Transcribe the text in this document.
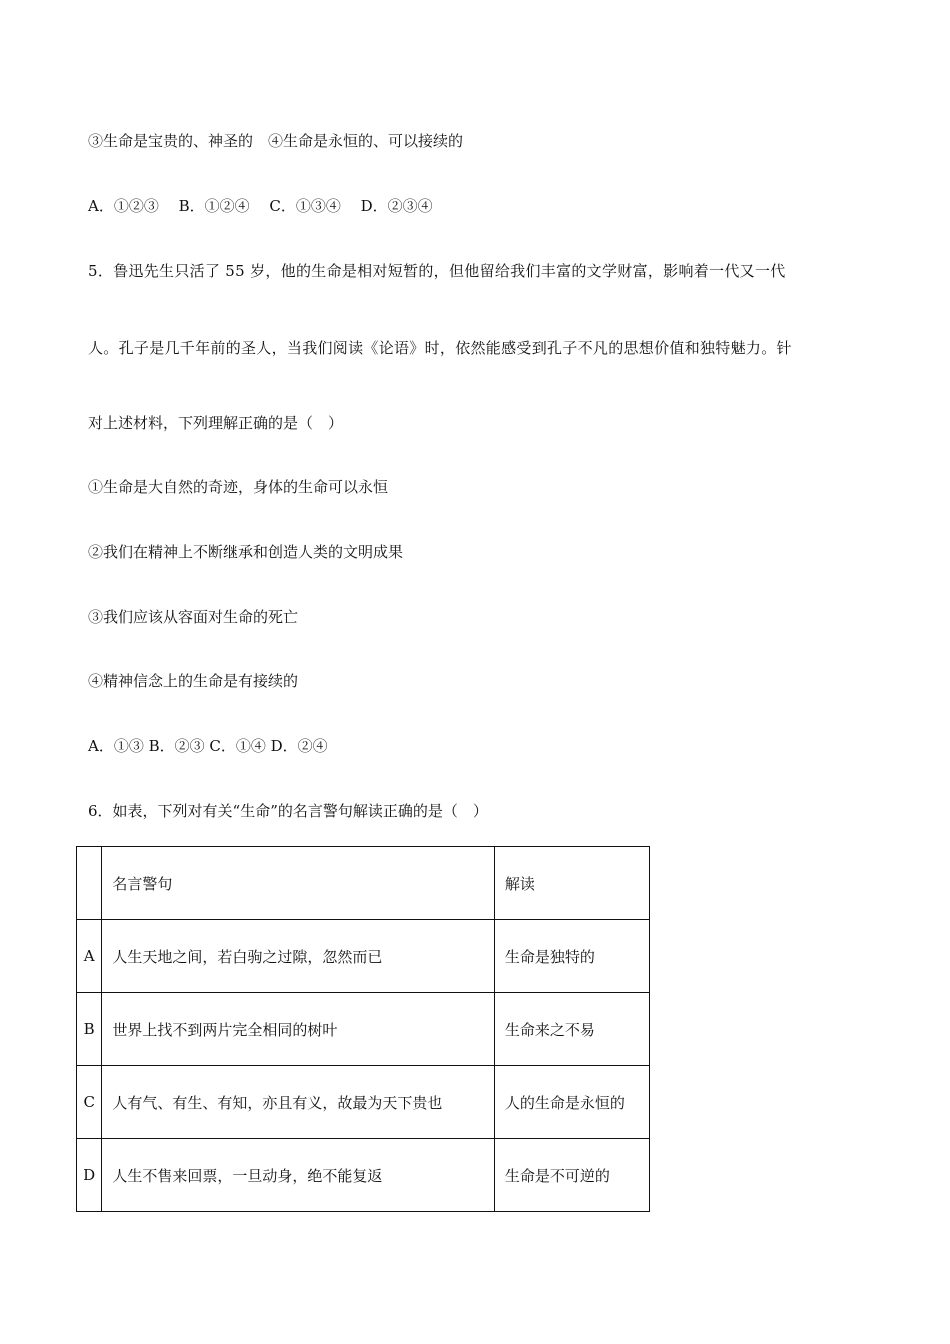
③生命是宝贵的、神圣的　④生命是永恒的、可以接续的
A．①②③　 B．①②④　 C．①③④　 D．②③④
5．鲁迅先生只活了 55 岁，他的生命是相对短暂的，但他留给我们丰富的文学财富，影响着一代又一代
人。孔子是几千年前的圣人，当我们阅读《论语》时，依然能感受到孔子不凡的思想价值和独特魅力。针
对上述材料，下列理解正确的是（　）
①生命是大自然的奇迹，身体的生命可以永恒
②我们在精神上不断继承和创造人类的文明成果
③我们应该从容面对生命的死亡
④精神信念上的生命是有接续的
A．①③ B．②③ C．①④ D．②④
6．如表，下列对有关“生命”的名言警句解读正确的是（　）
	名言警句	解读
A	人生天地之间，若白驹之过隙，忽然而已	生命是独特的
B	世界上找不到两片完全相同的树叶	生命来之不易
C	人有气、有生、有知，亦且有义，故最为天下贵也	人的生命是永恒的
D	人生不售来回票，一旦动身，绝不能复返	生命是不可逆的
